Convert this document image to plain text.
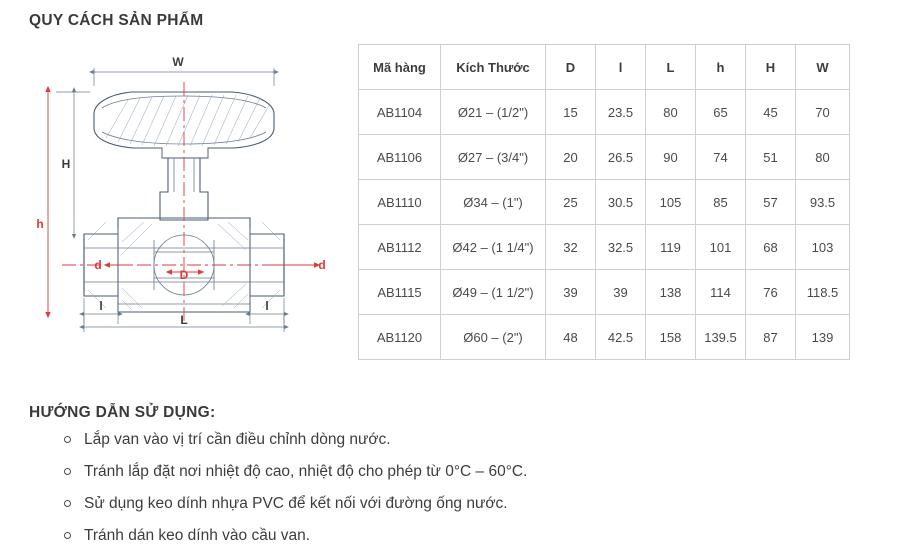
QUY CÁCH SẢN PHẨM
W
H
h
d
D
d
l	l
L
Mã hàng	Kích Thước	D	l	L	h	H	W
AB1104	Ø21 – (1/2")	15	23.5	80	65	45	70
AB1106	Ø27 – (3/4")	20	26.5	90	74	51	80
AB1110	Ø34 – (1")	25	30.5	105	85	57	93.5
AB1112	Ø42 – (1 1/4")	32	32.5	119	101	68	103
AB1115	Ø49 – (1 1/2")	39	39	138	114	76	118.5
AB1120	Ø60 – (2")	48	42.5	158	139.5	87	139
HƯỚNG DẪN SỬ DỤNG:
Lắp van vào vị trí cần điều chỉnh dòng nước.
Tránh lắp đặt nơi nhiệt độ cao, nhiệt độ cho phép từ 0°C – 60°C.
Sử dụng keo dính nhựa PVC để kết nối với đường ống nước.
Tránh dán keo dính vào cầu van.
